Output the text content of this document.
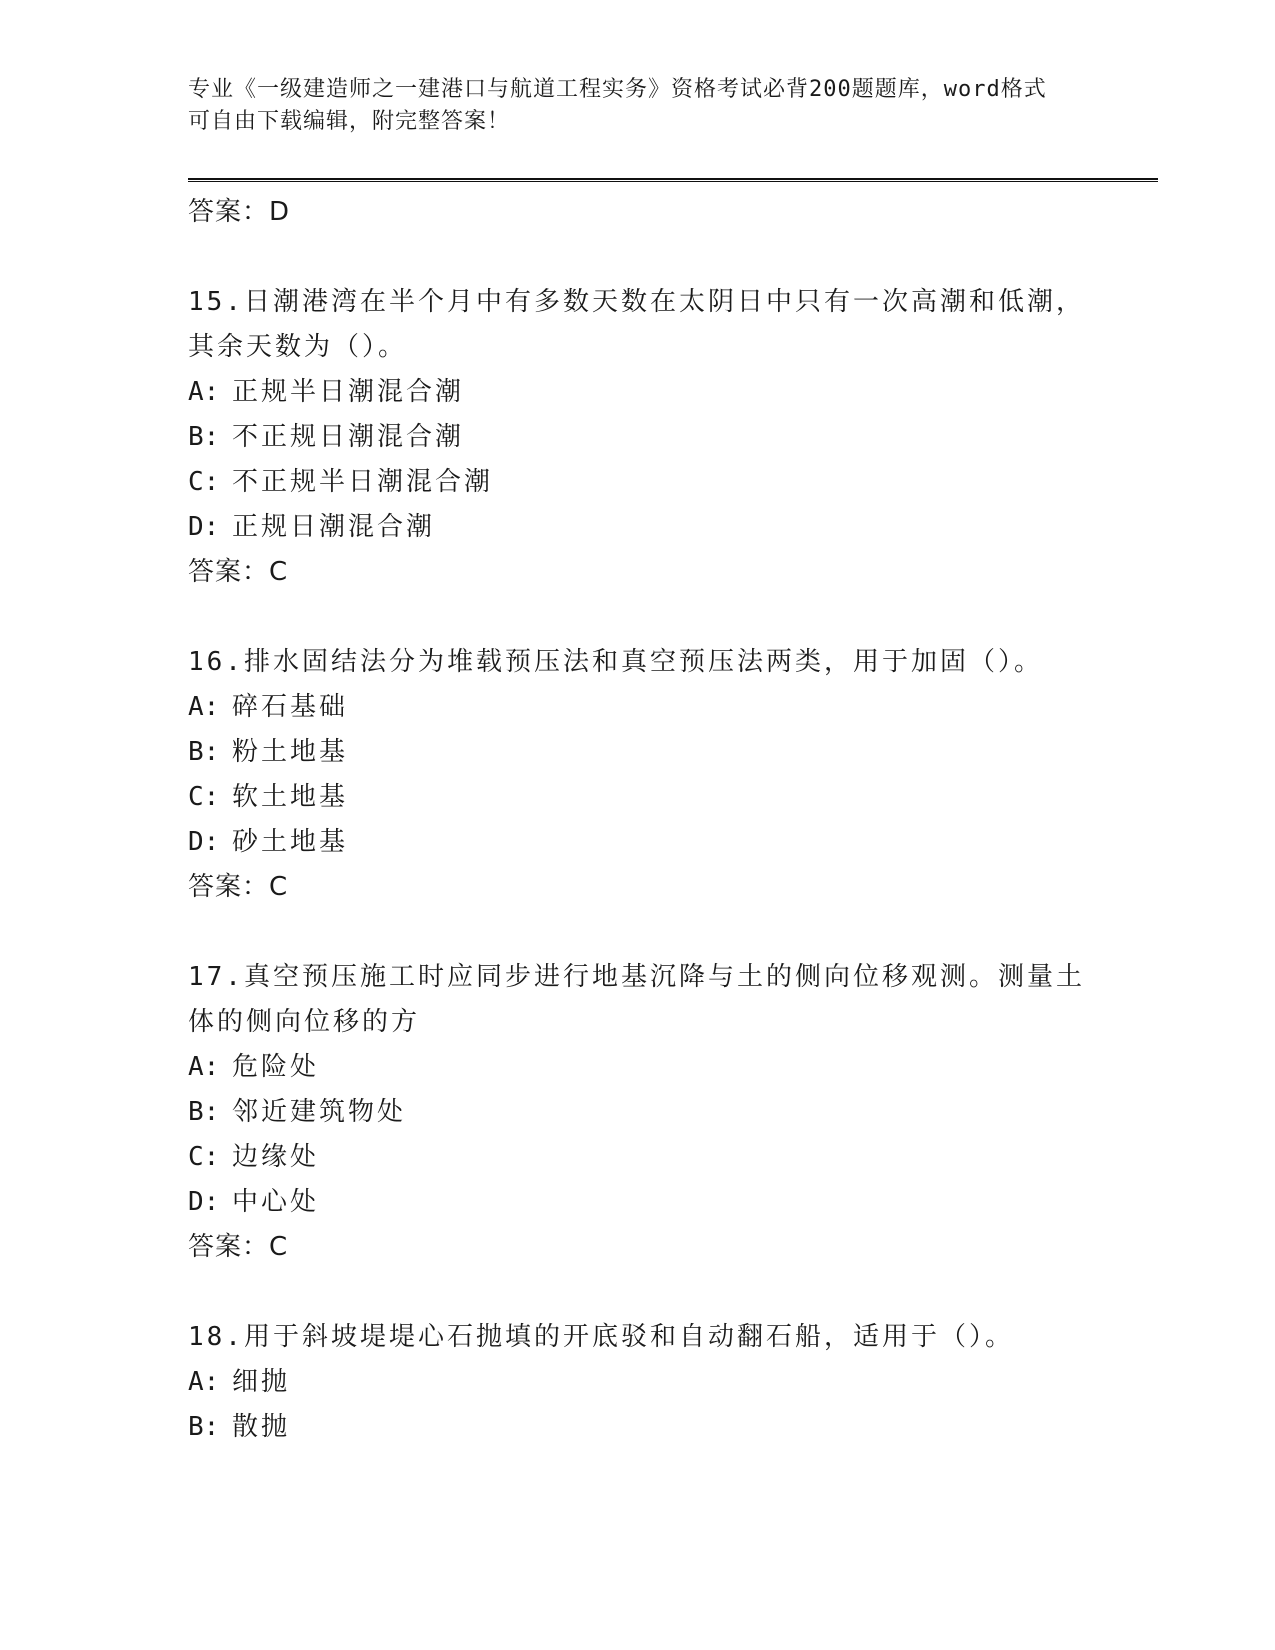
专业《一级建造师之一建港口与航道工程实务》资格考试必背200题题库，word格式可自由下载编辑，附完整答案！
答案：D

15.日潮港湾在半个月中有多数天数在太阴日中只有一次高潮和低潮，其余天数为（）。

A: 正规半日潮混合潮
B: 不正规日潮混合潮
C: 不正规半日潮混合潮
D: 正规日潮混合潮
答案：C

16.排水固结法分为堆载预压法和真空预压法两类，用于加固（）。

A: 碎石基础
B: 粉土地基
C: 软土地基
D: 砂土地基
答案：C

17.真空预压施工时应同步进行地基沉降与土的侧向位移观测。测量土体的侧向位移的方

A: 危险处
B: 邻近建筑物处
C: 边缘处
D: 中心处
答案：C

18.用于斜坡堤堤心石抛填的开底驳和自动翻石船，适用于（）。

A: 细抛
B: 散抛
